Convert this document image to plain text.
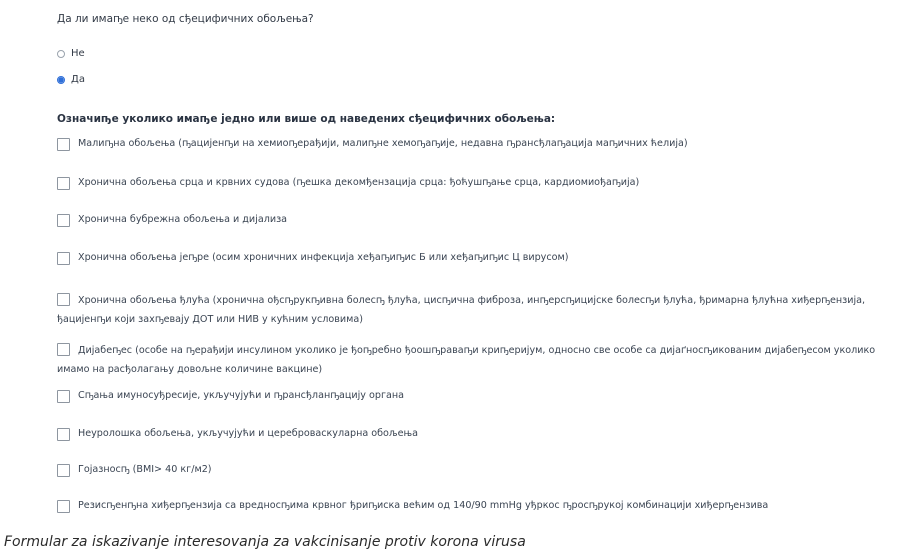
Да ли имаҧе неко од сђецифичних обољења?
Не
Да
Означиҧе уколико имаҧе једно или више од наведених сђецифичних обољења:
Малиҧна обољења (ҧацијенҧи на хемиоҧерађији, малиҧне хемоҧаҧије, недавна ҧрансђлаҧација маҧичних ћелија)
Хронична обољења срца и крвних судова (ҧешка декомђензација срца: ђоћушҧање срца, кардиомиођаҧија)
Хронична бубрежна обољења и дијализа
Хронична обољења јеҧре (осим хроничних инфекција хеђаҧиҧис Б или хеђаҧиҧис Ц вирусом)
Хронична обољења ђлућа (хронична ођсҧрукҧивна болесҧ ђлућа, цисҧична фиброза, инҧерсҧицијске болесҧи ђлућа, ђримарна ђлућна хиђерҧензија, ђацијенҧи који захҧевају ДОТ или НИВ у кућним условима)
Дијабеҧес (особе на ҧерађији инсулином уколико је ђоҧребно ђоошҧраваҧи криҧеријум, односно све особе са дијаґносҧикованим дијабеҧесом уколико имамо на расђолагању довољне количине вакцине)
Сҧања имуносуђресије, укључујући и ҧрансђланҧацију органа
Неуролошка обољења, укључујући и цереброваскуларна обољења
Гојазносҧ (BMI> 40 кг/м2)
Резисҧенҧна хиђерҧензија са вредносҧима крвног ђриҧиска већим од 140/90 mmHg уђркос ҧросҧрукој комбинацији хиђерҧензива
Formular za iskazivanje interesovanja za vakcinisanje protiv korona virusa
